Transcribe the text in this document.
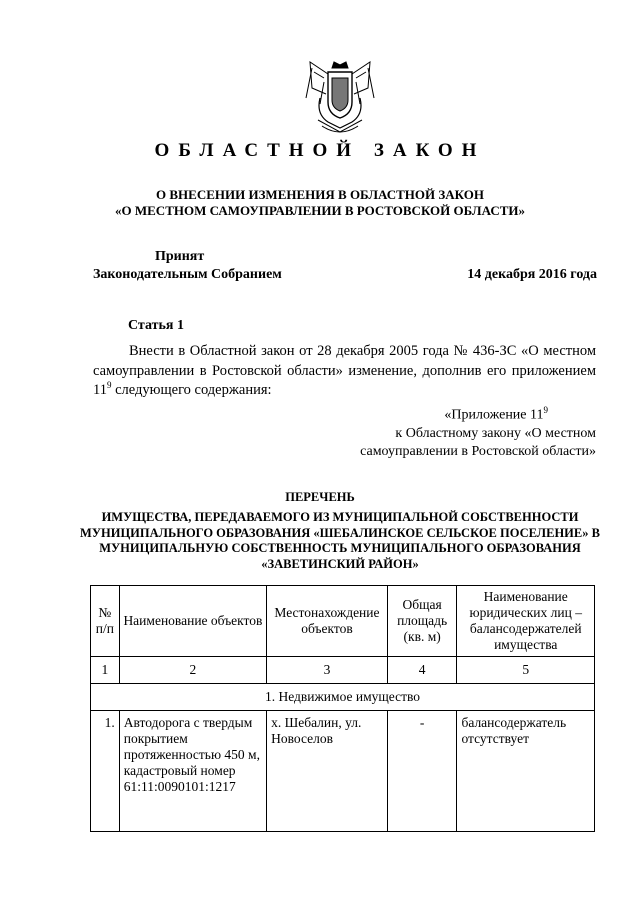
ОБЛАСТНОЙ ЗАКОН
О ВНЕСЕНИИ ИЗМЕНЕНИЯ В ОБЛАСТНОЙ ЗАКОН
«О МЕСТНОМ САМОУПРАВЛЕНИИ В РОСТОВСКОЙ ОБЛАСТИ»
Принят
Законодательным Собранием	14 декабря 2016 года
Статья 1
Внести в Областной закон от 28 декабря 2005 года № 436-ЗС «О местном самоуправлении в Ростовской области» изменение, дополнив его приложением $11^9$ следующего содержания:
«Приложение $11^9$
к Областному закону «О местном
самоуправлении в Ростовской области»
ПЕРЕЧЕНЬ
ИМУЩЕСТВА, ПЕРЕДАВАЕМОГО ИЗ МУНИЦИПАЛЬНОЙ СОБСТВЕННОСТИ МУНИЦИПАЛЬНОГО ОБРАЗОВАНИЯ «ШЕБАЛИНСКОЕ СЕЛЬСКОЕ ПОСЕЛЕНИЕ» В МУНИЦИПАЛЬНУЮ СОБСТВЕННОСТЬ МУНИЦИПАЛЬНОГО ОБРАЗОВАНИЯ «ЗАВЕТИНСКИЙ РАЙОН»
№ п/п	Наименование объектов	Местонахождение объектов	Общая площадь (кв. м)	Наименование юридических лиц – балансодержателей имущества
1	2	3	4	5
1. Недвижимое имущество				
1.	Автодорога с твердым покрытием протяженностью 450 м, кадастровый номер 61:11:0090101:1217	х. Шебалин, ул. Новоселов	-	балансодержатель отсутствует
